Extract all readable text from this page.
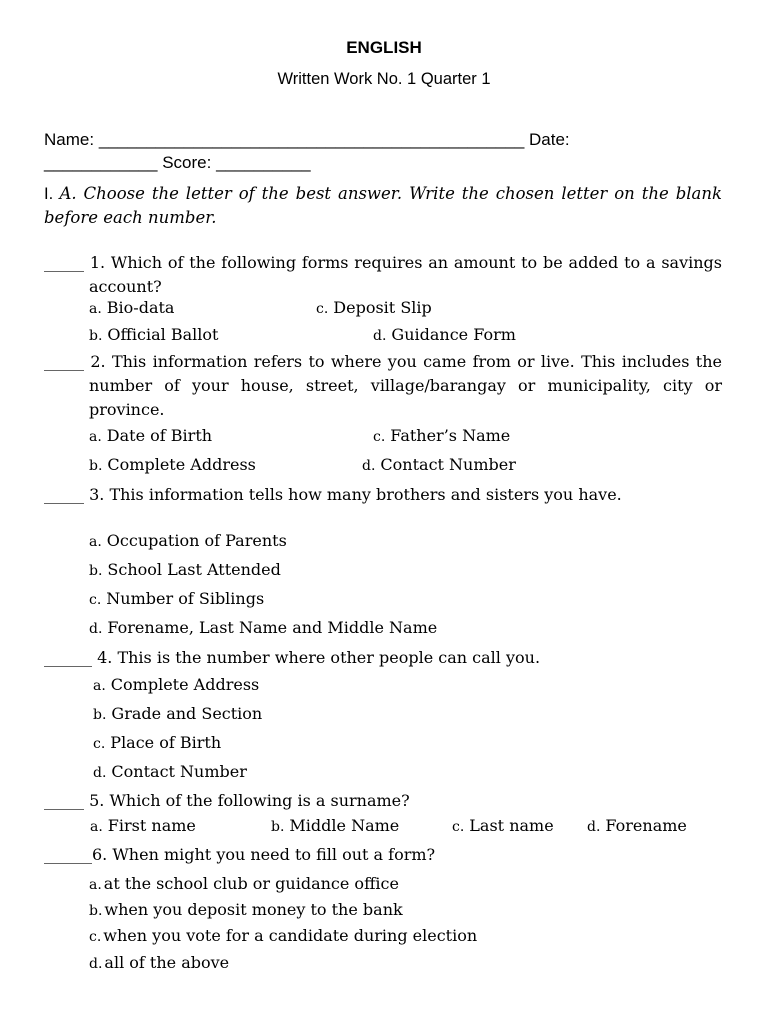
ENGLISH
Written Work No. 1 Quarter 1
Name: _____________________________________________ Date:
____________ Score: __________
I. A. Choose the letter of the best answer. Write the chosen letter on the blank before each number.
_____ 1. Which of the following forms requires an amount to be added to a savings account?
a. Bio-data	c. Deposit Slip
b. Official Ballot	d. Guidance Form
_____ 2. This information refers to where you came from or live. This includes the number of your house, street, village/barangay or municipality, city or province.
a. Date of Birth	c. Father’s Name
b. Complete Address	d. Contact Number
_____ 3. This information tells how many brothers and sisters you have.
a. Occupation of Parents
b. School Last Attended
c. Number of Siblings
d. Forename, Last Name and Middle Name
______ 4. This is the number where other people can call you.
a. Complete Address
b. Grade and Section
c. Place of Birth
d. Contact Number
_____ 5. Which of the following is a surname?
a. First name	b. Middle Name	c. Last name d. Forename
______6. When might you need to fill out a form?
a. at the school club or guidance office
b. when you deposit money to the bank
c. when you vote for a candidate during election
d. all of the above
